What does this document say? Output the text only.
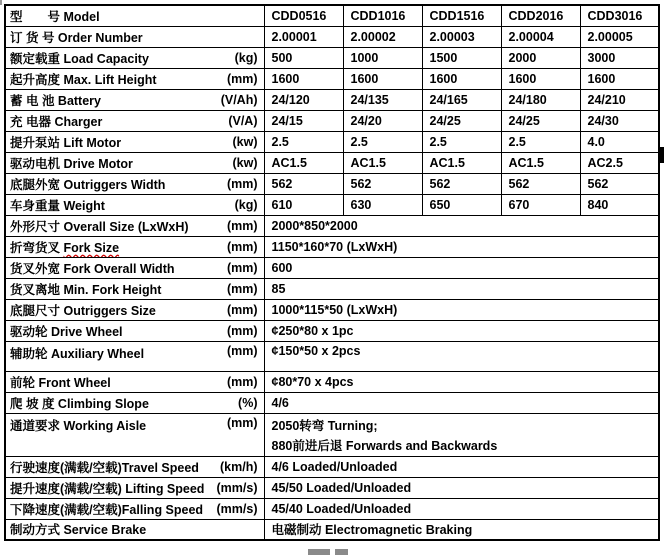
型　　号 Model	CDD0516	CDD1016	CDD1516	CDD2016	CDD3016

订 货 号 Order Number	2.00001	2.00002	2.00003	2.00004	2.00005

额定载重 Load Capacity (kg)	500	1000	1500	2000	3000

起升高度 Max. Lift Height (mm)	1600	1600	1600	1600	1600

蓄 电 池 Battery (V/Ah)	24/120	24/135	24/165	24/180	24/210

充 电器 Charger (V/A)	24/15	24/20	24/25	24/25	24/30

提升泵站 Lift Motor (kw)	2.5	2.5	2.5	2.5	4.0

驱动电机 Drive Motor (kw)	AC1.5	AC1.5	AC1.5	AC1.5	AC2.5

底腿外宽 Outriggers Width (mm)	562	562	562	562	562

车身重量 Weight (kg)	610	630	650	670	840

外形尺寸 Overall Size (LxWxH) (mm)	2000*850*2000				

折弯货叉 Fork Size (mm)	1150*160*70 (LxWxH)				

货叉外宽 Fork Overall Width (mm)	600				

货叉离地 Min. Fork Height (mm)	85				

底腿尺寸 Outriggers Size (mm)	1000*115*50 (LxWxH)				

驱动轮 Drive Wheel (mm)	¢250*80 x 1pc				

辅助轮 Auxiliary Wheel (mm)	¢150*50 x 2pcs				

前轮 Front Wheel (mm)	¢80*70 x 4pcs				

爬 坡 度 Climbing Slope (%)	4/6				

通道要求 Working Aisle	(mm)	2050转弯 Turning;
880前进后退 Forwards and Backwards

行驶速度(满载/空载)Travel Speed (km/h)	4/6 Loaded/Unloaded				

提升速度(满载/空载) Lifting Speed (mm/s)	45/50 Loaded/Unloaded				

下降速度(满载/空载)Falling Speed (mm/s)	45/40 Loaded/Unloaded				

制动方式 Service Brake	电磁制动 Electromagnetic Braking				
